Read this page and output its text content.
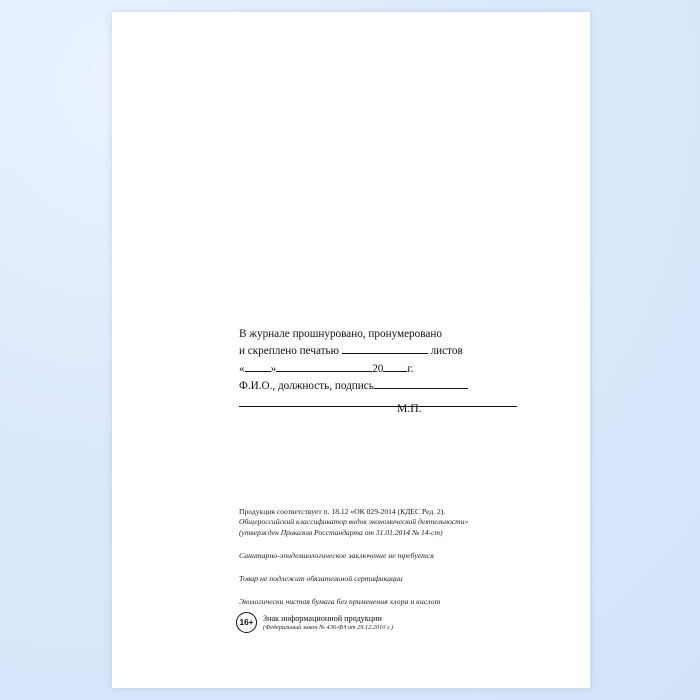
В журнале прошнуровано, пронумеровано
и скреплено печатью	листов
« »	20 г.
Ф.И.О., должность, подпись
М.П.
Продукция соответствует п. 18.12 «ОК 029-2014 (КДЕС Ред. 2).
Общероссийский классификатор видов экономической деятельности»
(утвержден Приказом Росстандарта от 31.01.2014 № 14-ст)
Санитарно-эпидемиологическое заключение не требуется
Товар не подлежит обязательной сертификации
Экологически чистая бумага без применения хлора и кислот
16+	Знак информационной продукции
(Федеральный закон № 436-ФЗ от 29.12.2010 г.)
